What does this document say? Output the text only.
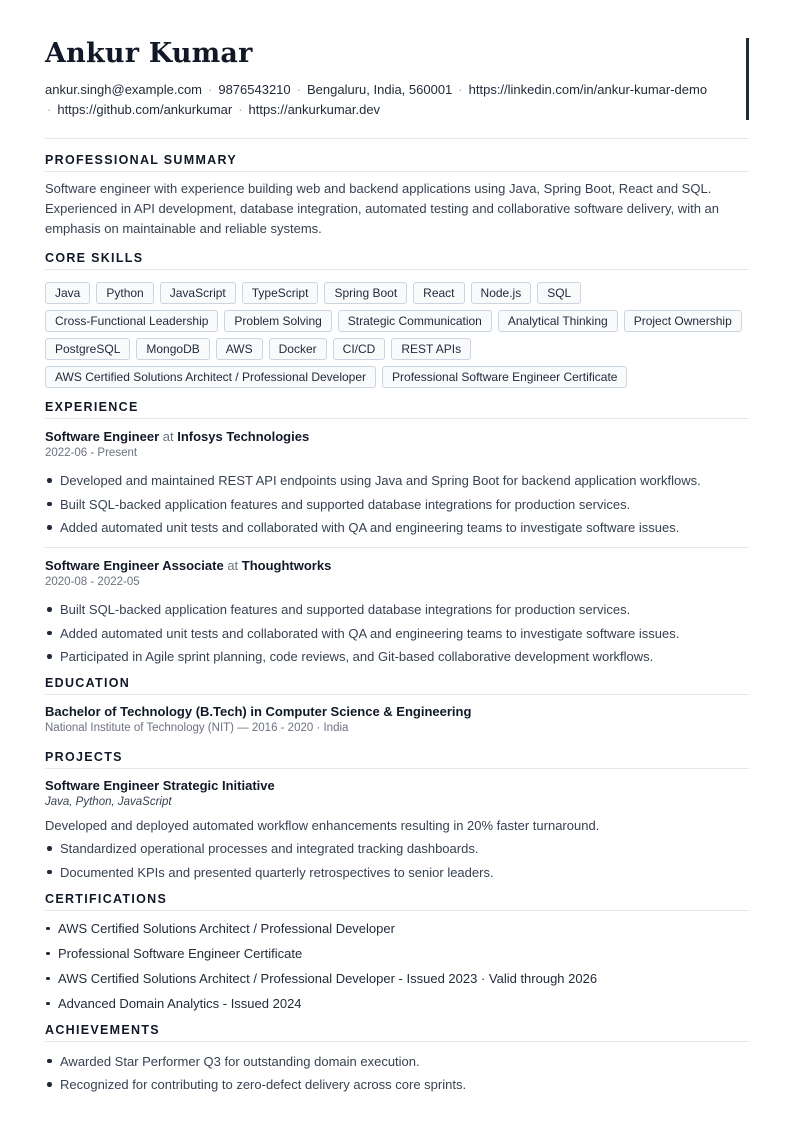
Ankur Kumar
ankur.singh@example.com · 9876543210 · Bengaluru, India, 560001 · https://linkedin.com/in/ankur-kumar-demo
· https://github.com/ankurkumar · https://ankurkumar.dev
PROFESSIONAL SUMMARY

Software engineer with experience building web and backend applications using Java, Spring Boot, React and SQL. Experienced in API development, database integration, automated testing and collaborative software delivery, with an emphasis on maintainable and reliable systems.

CORE SKILLS
Java	Python	JavaScript	TypeScript	Spring Boot	React	Node.js	SQL
Cross-Functional Leadership	Problem Solving	Strategic Communication	Analytical Thinking	Project Ownership
PostgreSQL	MongoDB	AWS	Docker	CI/CD	REST APIs
AWS Certified Solutions Architect / Professional Developer	Professional Software Engineer Certificate
EXPERIENCE
Software Engineer at Infosys Technologies
2022-06 - Present
Developed and maintained REST API endpoints using Java and Spring Boot for backend application workflows.
Built SQL-backed application features and supported database integrations for production services.
Added automated unit tests and collaborated with QA and engineering teams to investigate software issues.
Software Engineer Associate at Thoughtworks
2020-08 - 2022-05
Built SQL-backed application features and supported database integrations for production services.
Added automated unit tests and collaborated with QA and engineering teams to investigate software issues.
Participated in Agile sprint planning, code reviews, and Git-based collaborative development workflows.
EDUCATION
Bachelor of Technology (B.Tech) in Computer Science & Engineering
National Institute of Technology (NIT) — 2016 - 2020 · India
PROJECTS
Software Engineer Strategic Initiative
Java, Python, JavaScript

Developed and deployed automated workflow enhancements resulting in 20% faster turnaround.

Standardized operational processes and integrated tracking dashboards.
Documented KPIs and presented quarterly retrospectives to senior leaders.
CERTIFICATIONS
AWS Certified Solutions Architect / Professional Developer
Professional Software Engineer Certificate
AWS Certified Solutions Architect / Professional Developer - Issued 2023 · Valid through 2026
Advanced Domain Analytics - Issued 2024
ACHIEVEMENTS
Awarded Star Performer Q3 for outstanding domain execution.
Recognized for contributing to zero-defect delivery across core sprints.
